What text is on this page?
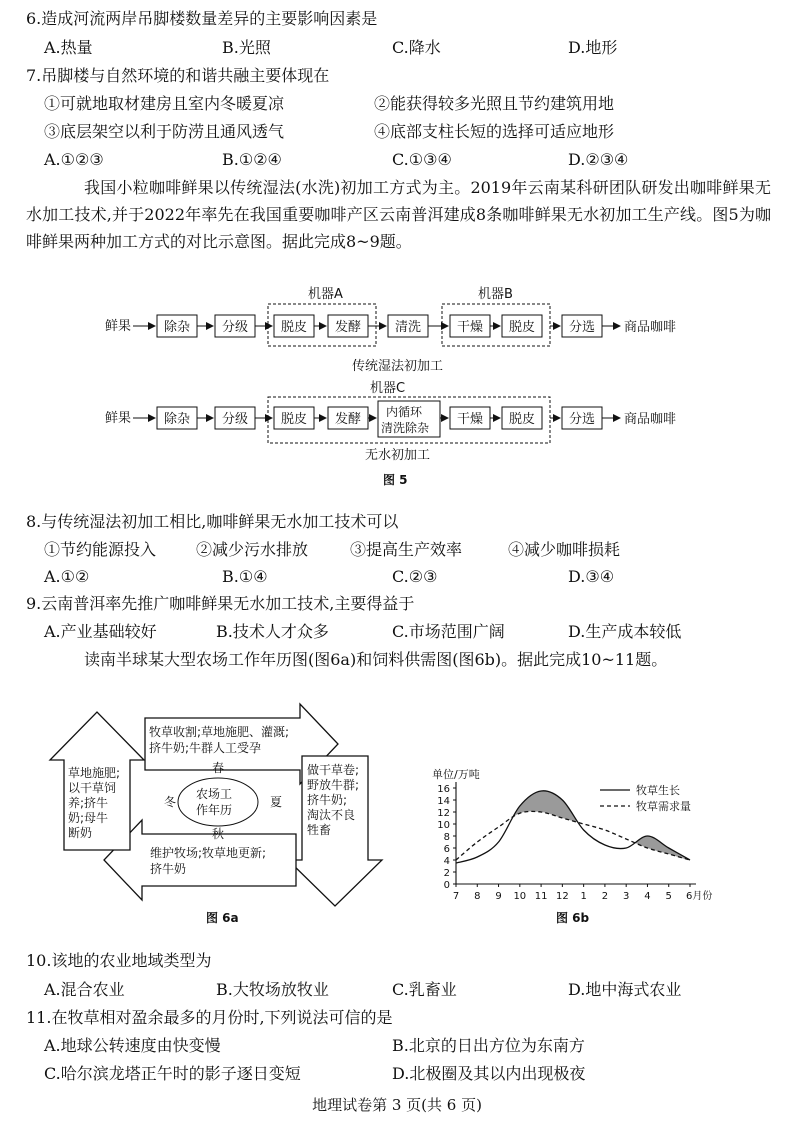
6.造成河流两岸吊脚楼数量差异的主要影响因素是
A.热量	B.光照	C.降水	D.地形
7.吊脚楼与自然环境的和谐共融主要体现在
①可就地取材建房且室内冬暖夏凉	②能获得较多光照且节约建筑用地
③底层架空以利于防涝且通风透气	④底部支柱长短的选择可适应地形
A.①②③	B.①②④	C.①③④	D.②③④
我国小粒咖啡鲜果以传统湿法(水洗)初加工方式为主。2019年云南某科研团队研发出咖啡鲜果无水加工技术,并于2022年率先在我国重要咖啡产区云南普洱建成8条咖啡鲜果无水初加工生产线。图5为咖啡鲜果两种加工方式的对比示意图。据此完成8~9题。
机器A	机器B
鲜果	除杂 分级	脱皮 发酵	清洗	干燥 脱皮	分选 商品咖啡
传统湿法初加工
机器C
鲜果	除杂 分级	脱皮 发酵 内循环
清洗除杂
干燥 脱皮	分选 商品咖啡
无水初加工
图 5
8.与传统湿法初加工相比,咖啡鲜果无水加工技术可以
①节约能源投入 ②减少污水排放	③提高生产效率	④减少咖啡损耗
A.①②	B.①④	C.②③	D.③④
9.云南普洱率先推广咖啡鲜果无水加工技术,主要得益于
A.产业基础较好	B.技术人才众多	C.市场范围广阔	D.生产成本较低
读南半球某大型农场工作年历图(图6a)和饲料供需图(图6b)。据此完成10~11题。
牧草收割;草地施肥、灌溉;
挤牛奶;牛群人工受孕
做干草卷;
野放牛群;
挤牛奶;
淘汰不良
牲畜
维护牧场;牧草地更新;
挤牛奶
草地施肥;
以干草饲
养;挤牛
奶;母牛
断奶
农场工
作年历
春
夏
秋
冬
图 6a
单位/万吨
0
2
4
6
8
10
12
14
16
7 8 9 10 11 12 1 2 3 4 5 6月份
牧草生长
牧草需求量
图 6b
10.该地的农业地域类型为
A.混合农业	B.大牧场放牧业	C.乳畜业	D.地中海式农业
11.在牧草相对盈余最多的月份时,下列说法可信的是
A.地球公转速度由快变慢	B.北京的日出方位为东南方
C.哈尔滨龙塔正午时的影子逐日变短	D.北极圈及其以内出现极夜
地理试卷第 3 页(共 6 页)
